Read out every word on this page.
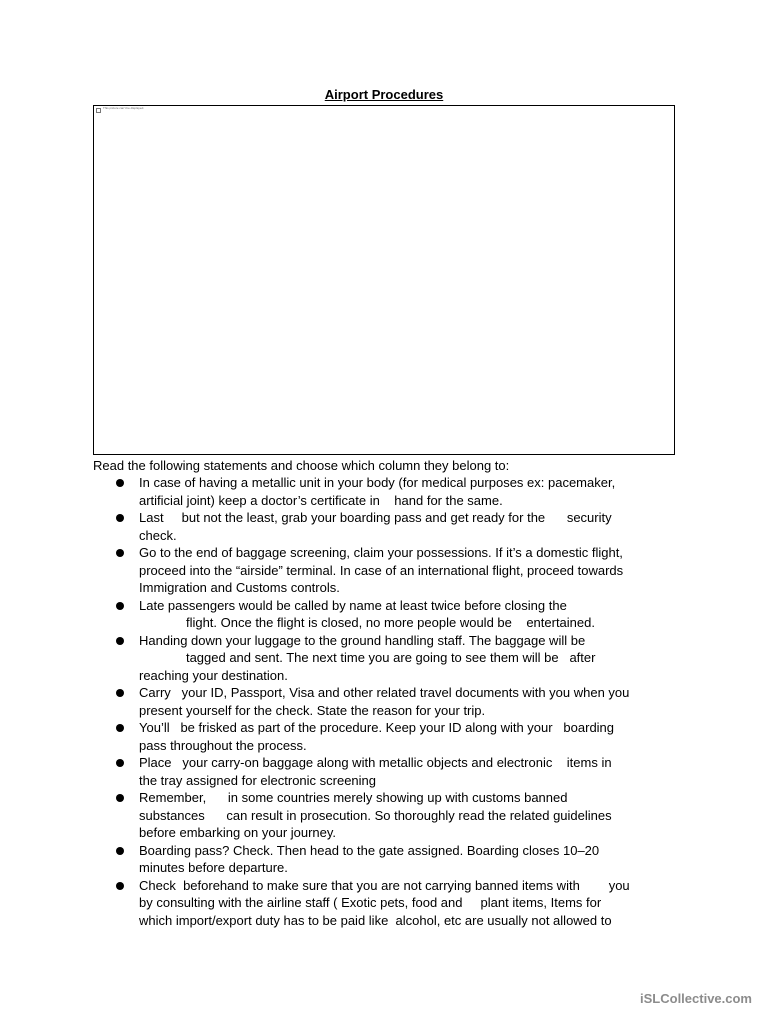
Airport Procedures
This picture can't be displayed.
Read the following statements and choose which column they belong to:
In case of having a metallic unit in your body (for medical purposes ex: pacemaker,
artificial joint) keep a doctor’s certificate in    hand for the same.
Last     but not the least, grab your boarding pass and get ready for the      security
check.
Go to the end of baggage screening, claim your possessions. If it’s a domestic flight,
proceed into the “airside” terminal. In case of an international flight, proceed towards
Immigration and Customs controls.
Late passengers would be called by name at least twice before closing the
flight. Once the flight is closed, no more people would be    entertained.
Handing down your luggage to the ground handling staff. The baggage will be
tagged and sent. The next time you are going to see them will be   after
reaching your destination.
Carry   your ID, Passport, Visa and other related travel documents with you when you
present yourself for the check. State the reason for your trip.
You’ll   be frisked as part of the procedure. Keep your ID along with your   boarding
pass throughout the process.
Place   your carry-on baggage along with metallic objects and electronic    items in
the tray assigned for electronic screening
Remember,      in some countries merely showing up with customs banned
substances      can result in prosecution. So thoroughly read the related guidelines
before embarking on your journey.
Boarding pass? Check. Then head to the gate assigned. Boarding closes 10–20
minutes before departure.
Check  beforehand to make sure that you are not carrying banned items with        you
by consulting with the airline staff ( Exotic pets, food and     plant items, Items for
which import/export duty has to be paid like  alcohol, etc are usually not allowed to
iSLCollective.com
